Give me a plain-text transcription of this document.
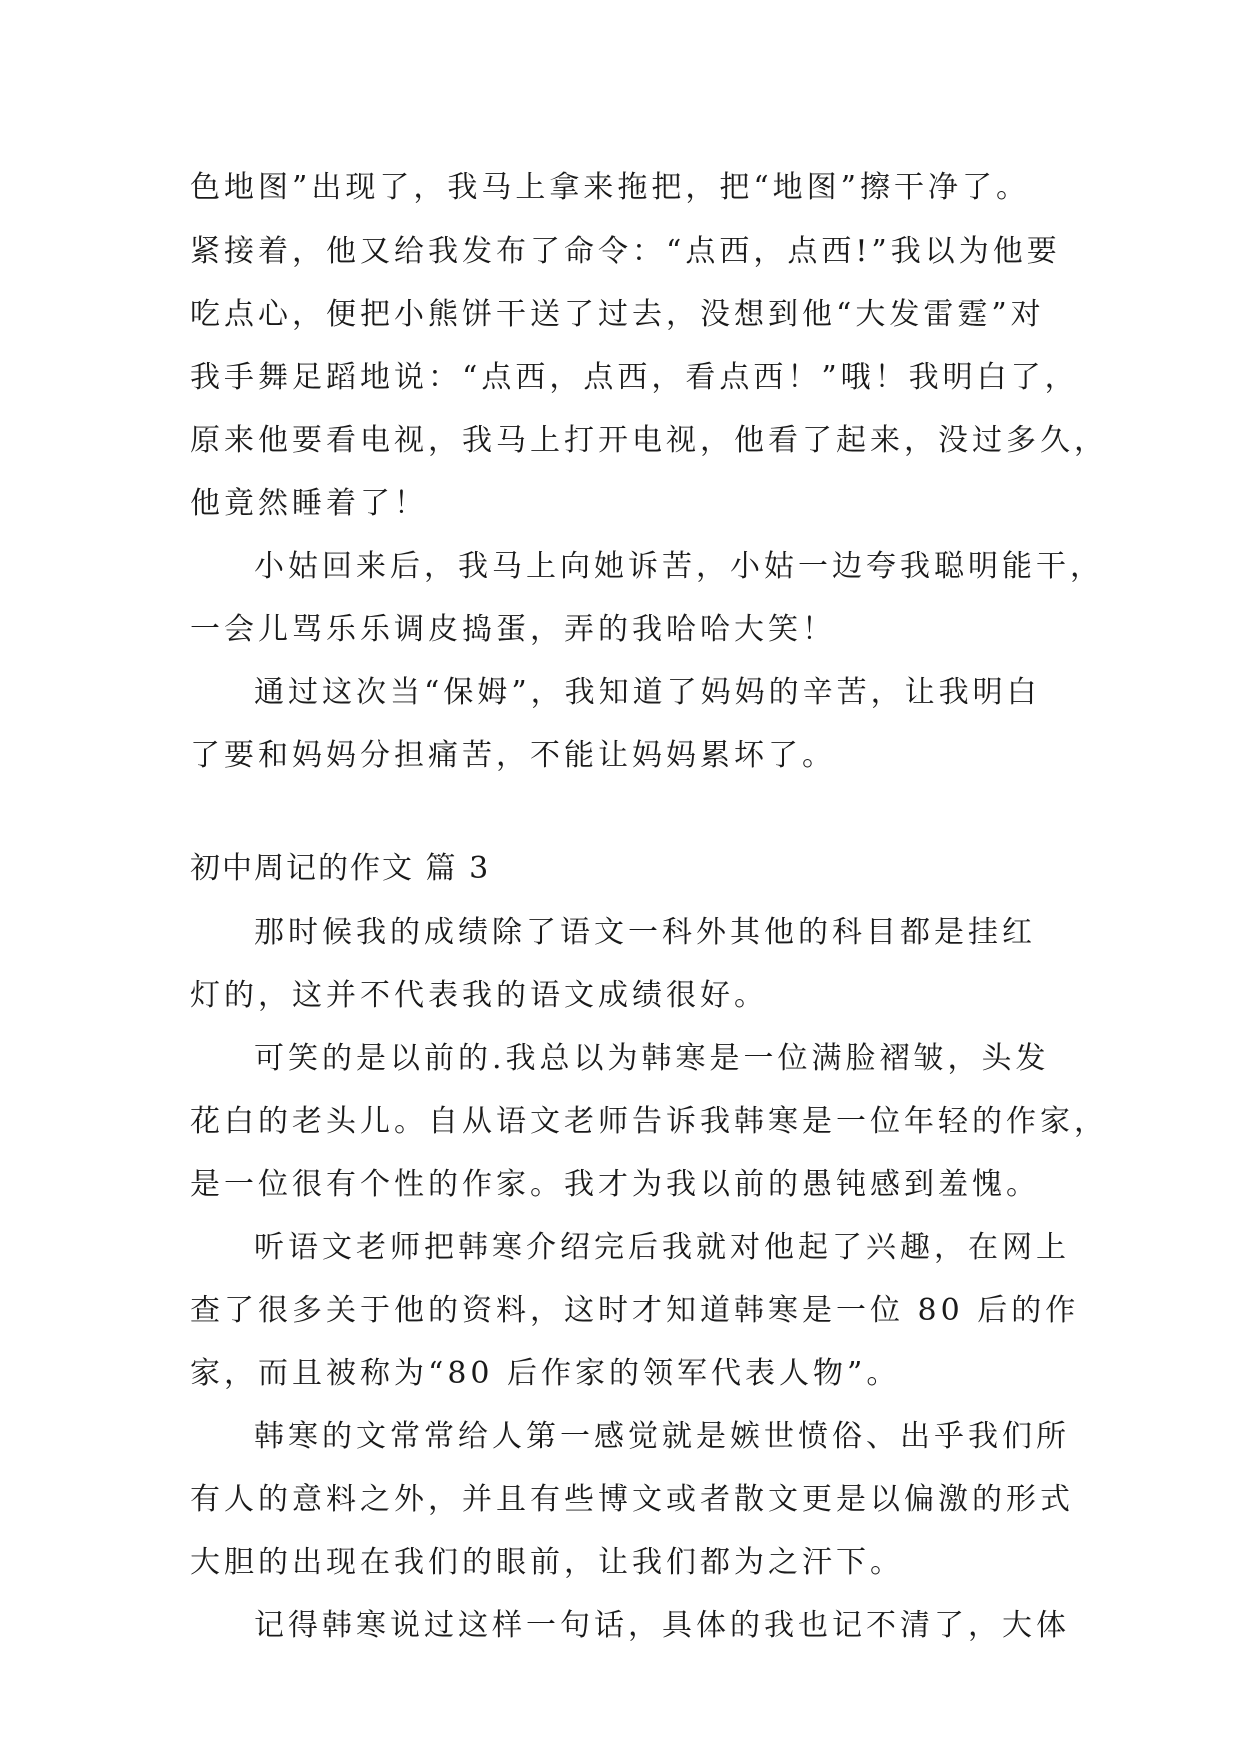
色地图”出现了，我马上拿来拖把，把“地图”擦干净了。
紧接着，他又给我发布了命令：“点西，点西!”我以为他要
吃点心，便把小熊饼干送了过去，没想到他“大发雷霆”对
我手舞足蹈地说：“点西，点西，看点西！”哦！我明白了，
原来他要看电视，我马上打开电视，他看了起来，没过多久，
他竟然睡着了！
小姑回来后，我马上向她诉苦，小姑一边夸我聪明能干，
一会儿骂乐乐调皮捣蛋，弄的我哈哈大笑！
通过这次当“保姆”，我知道了妈妈的辛苦，让我明白
了要和妈妈分担痛苦，不能让妈妈累坏了。
初中周记的作文 篇 3
那时候我的成绩除了语文一科外其他的科目都是挂红
灯的，这并不代表我的语文成绩很好。
可笑的是以前的.我总以为韩寒是一位满脸褶皱，头发
花白的老头儿。自从语文老师告诉我韩寒是一位年轻的作家，
是一位很有个性的作家。我才为我以前的愚钝感到羞愧。
听语文老师把韩寒介绍完后我就对他起了兴趣，在网上
查了很多关于他的资料，这时才知道韩寒是一位 80 后的作
家，而且被称为“80 后作家的领军代表人物”。
韩寒的文常常给人第一感觉就是嫉世愤俗、出乎我们所
有人的意料之外，并且有些博文或者散文更是以偏激的形式
大胆的出现在我们的眼前，让我们都为之汗下。
记得韩寒说过这样一句话，具体的我也记不清了，大体
